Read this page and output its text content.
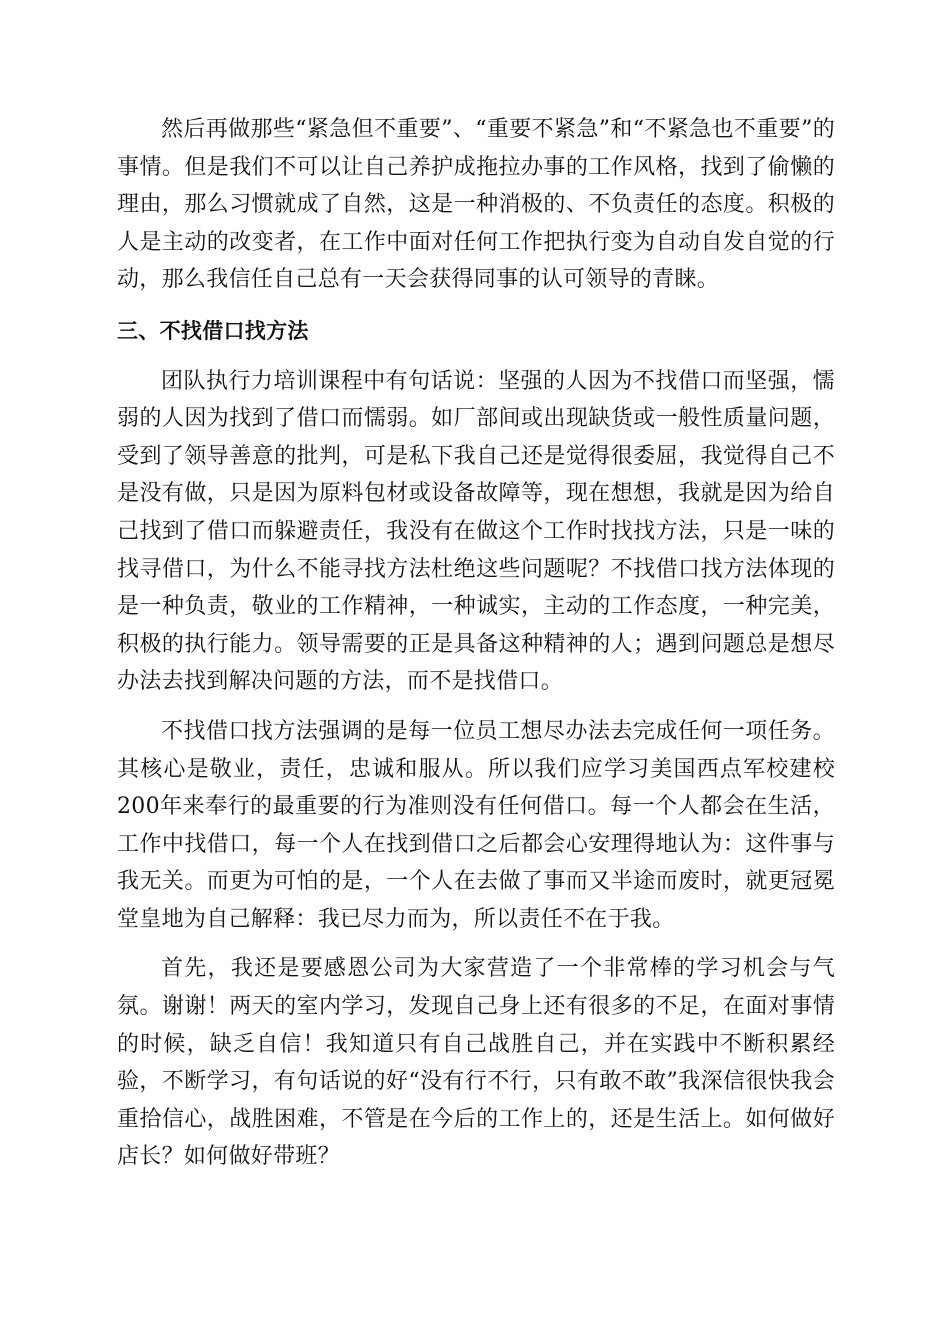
然后再做那些“紧急但不重要”、“重要不紧急”和“不紧急也不重要”的事情。但是我们不可以让自己养护成拖拉办事的工作风格，找到了偷懒的理由，那么习惯就成了自然，这是一种消极的、不负责任的态度。积极的人是主动的改变者，在工作中面对任何工作把执行变为自动自发自觉的行动，那么我信任自己总有一天会获得同事的认可领导的青睐。

三、不找借口找方法

团队执行力培训课程中有句话说：坚强的人因为不找借口而坚强，懦弱的人因为找到了借口而懦弱。如厂部间或出现缺货或一般性质量问题，受到了领导善意的批判，可是私下我自己还是觉得很委屈，我觉得自己不是没有做，只是因为原料包材或设备故障等，现在想想，我就是因为给自己找到了借口而躲避责任，我没有在做这个工作时找找方法，只是一味的找寻借口，为什么不能寻找方法杜绝这些问题呢？不找借口找方法体现的是一种负责，敬业的工作精神，一种诚实，主动的工作态度，一种完美，积极的执行能力。领导需要的正是具备这种精神的人；遇到问题总是想尽办法去找到解决问题的方法，而不是找借口。

不找借口找方法强调的是每一位员工想尽办法去完成任何一项任务。其核心是敬业，责任，忠诚和服从。所以我们应学习美国西点军校建校200年来奉行的最重要的行为准则没有任何借口。每一个人都会在生活，工作中找借口，每一个人在找到借口之后都会心安理得地认为：这件事与我无关。而更为可怕的是，一个人在去做了事而又半途而废时，就更冠冕堂皇地为自己解释：我已尽力而为，所以责任不在于我。

首先，我还是要感恩公司为大家营造了一个非常棒的学习机会与气氛。谢谢！两天的室内学习，发现自己身上还有很多的不足，在面对事情的时候，缺乏自信！我知道只有自己战胜自己，并在实践中不断积累经验，不断学习，有句话说的好“没有行不行，只有敢不敢”我深信很快我会重拾信心，战胜困难，不管是在今后的工作上的，还是生活上。如何做好店长？如何做好带班？
